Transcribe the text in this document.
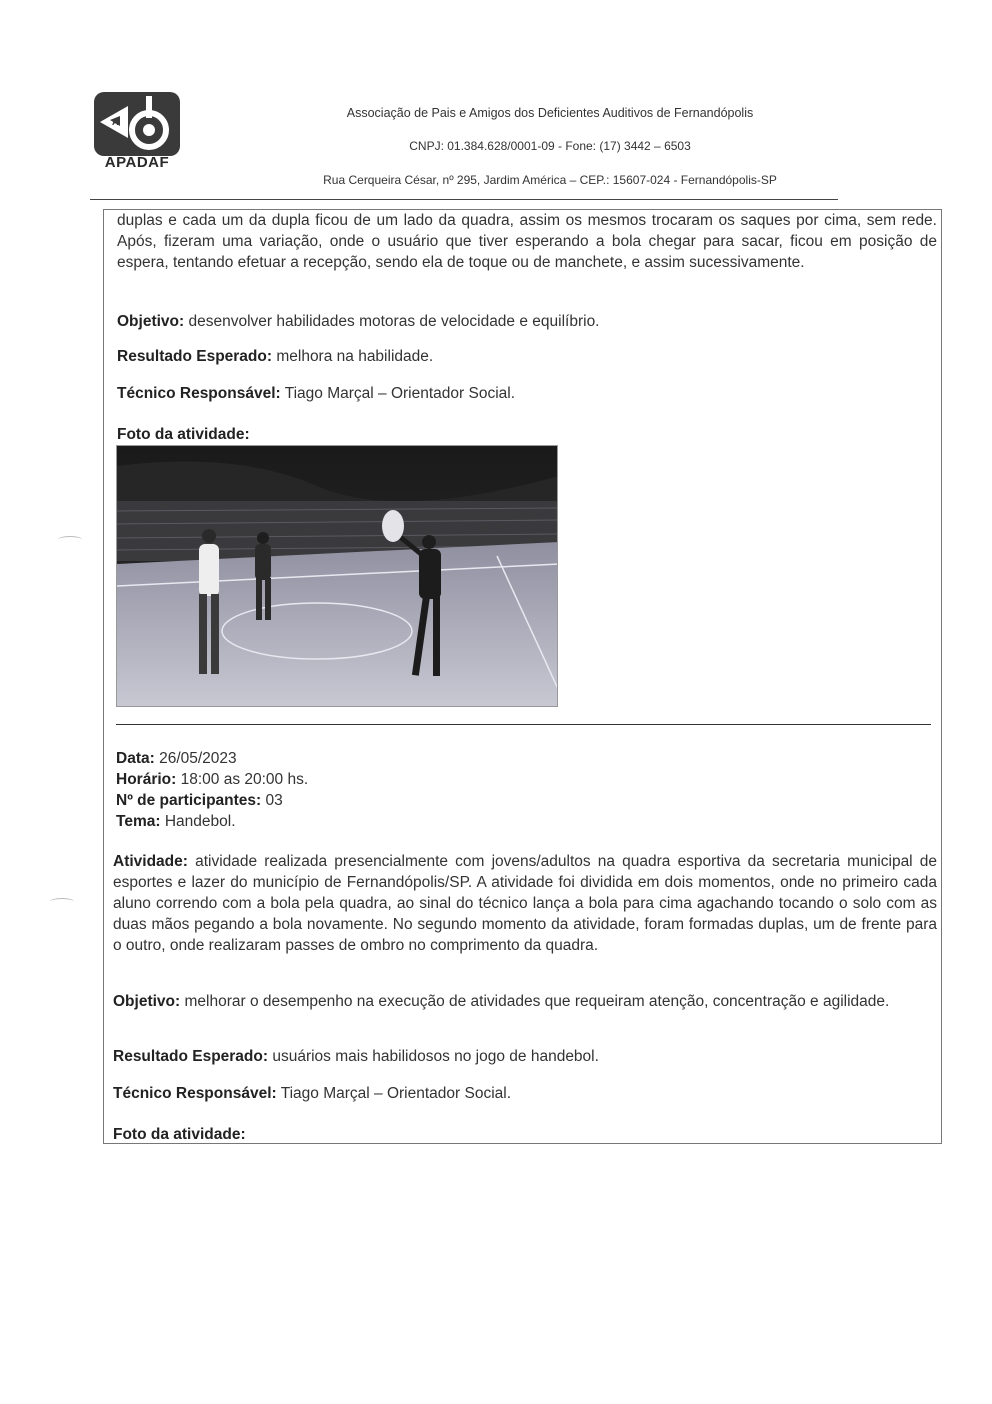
A
APADAF
Associação de Pais e Amigos dos Deficientes Auditivos de Fernandópolis
CNPJ: 01.384.628/0001-09 - Fone: (17) 3442 – 6503
Rua Cerqueira César, nº 295, Jardim América – CEP.: 15607-024 - Fernandópolis-SP

duplas e cada um da dupla ficou de um lado da quadra, assim os mesmos trocaram os saques por cima, sem rede. Após, fizeram uma variação, onde o usuário que tiver esperando a bola chegar para sacar, ficou em posição de espera, tentando efetuar a recepção, sendo ela de toque ou de manchete, e assim sucessivamente.

Objetivo: desenvolver habilidades motoras de velocidade e equilíbrio.

Resultado Esperado: melhora na habilidade.

Técnico Responsável: Tiago Marçal – Orientador Social.

Foto da atividade:

Data: 26/05/2023
Horário: 18:00 as 20:00 hs.
Nº de participantes: 03
Tema: Handebol.

Atividade: atividade realizada presencialmente com jovens/adultos na quadra esportiva da secretaria municipal de esportes e lazer do município de Fernandópolis/SP. A atividade foi dividida em dois momentos, onde no primeiro cada aluno correndo com a bola pela quadra, ao sinal do técnico lança a bola para cima agachando tocando o solo com as duas mãos pegando a bola novamente. No segundo momento da atividade, foram formadas duplas, um de frente para o outro, onde realizaram passes de ombro no comprimento da quadra.

Objetivo: melhorar o desempenho na execução de atividades que requeiram atenção, concentração e agilidade.

Resultado Esperado: usuários mais habilidosos no jogo de handebol.

Técnico Responsável: Tiago Marçal – Orientador Social.

Foto da atividade:
